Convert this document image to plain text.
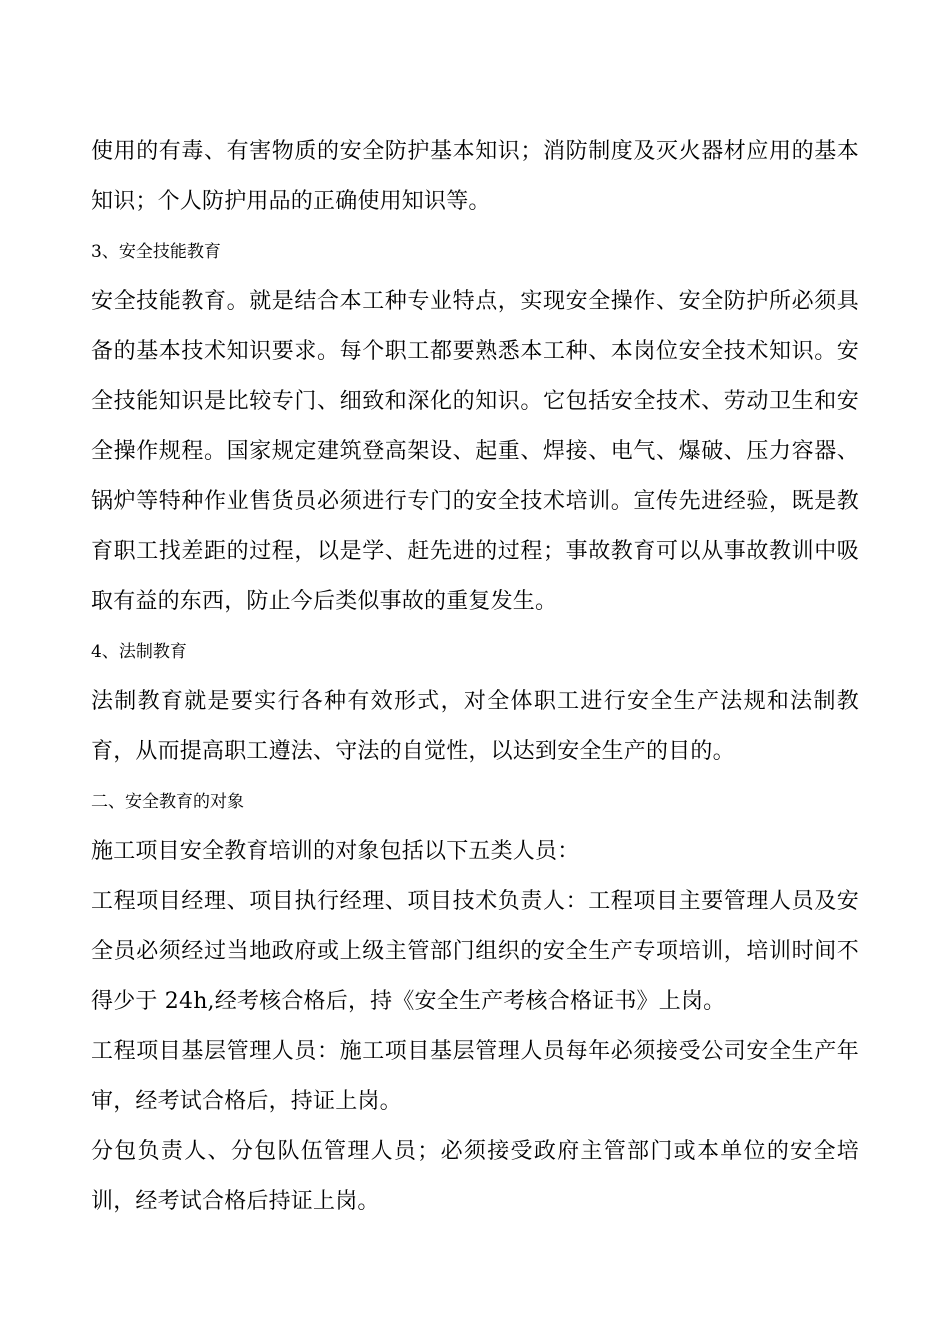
使用的有毒、有害物质的安全防护基本知识；消防制度及灭火器材应用的基本知识；个人防护用品的正确使用知识等。

3、安全技能教育

安全技能教育。就是结合本工种专业特点，实现安全操作、安全防护所必须具备的基本技术知识要求。每个职工都要熟悉本工种、本岗位安全技术知识。安全技能知识是比较专门、细致和深化的知识。它包括安全技术、劳动卫生和安全操作规程。国家规定建筑登高架设、起重、焊接、电气、爆破、压力容器、锅炉等特种作业售货员必须进行专门的安全技术培训。宣传先进经验，既是教育职工找差距的过程，以是学、赶先进的过程；事故教育可以从事故教训中吸取有益的东西，防止今后类似事故的重复发生。

4、法制教育

法制教育就是要实行各种有效形式，对全体职工进行安全生产法规和法制教育，从而提高职工遵法、守法的自觉性，以达到安全生产的目的。

二、安全教育的对象

施工项目安全教育培训的对象包括以下五类人员：

工程项目经理、项目执行经理、项目技术负责人：工程项目主要管理人员及安全员必须经过当地政府或上级主管部门组织的安全生产专项培训，培训时间不得少于 24h,经考核合格后，持《安全生产考核合格证书》上岗。

工程项目基层管理人员：施工项目基层管理人员每年必须接受公司安全生产年审，经考试合格后，持证上岗。

分包负责人、分包队伍管理人员；必须接受政府主管部门或本单位的安全培训，经考试合格后持证上岗。
